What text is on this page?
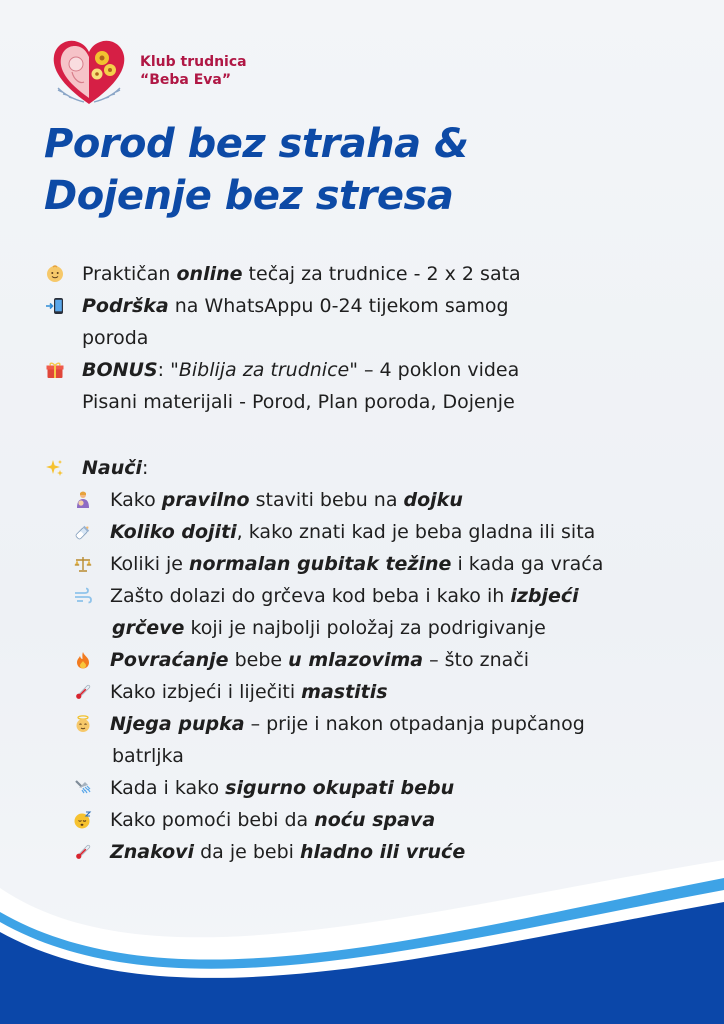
Klub trudnica
“Beba Eva”
Porod bez straha &
Dojenje bez stresa
Praktičan online tečaj za trudnice - 2 x 2 sata
Podrška na WhatsAppu 0-24 tijekom samog
poroda
BONUS: "Biblija za trudnice" – 4 poklon videa
Pisani materijali - Porod, Plan poroda, Dojenje
Nauči:
Kako pravilno staviti bebu na dojku
Koliko dojiti, kako znati kad je beba gladna ili sita
Koliki je normalan gubitak težine i kada ga vraća
Zašto dolazi do grčeva kod beba i kako ih izbjeći
grčeve koji je najbolji položaj za podrigivanje
Povraćanje bebe u mlazovima – što znači
Kako izbjeći i liječiti mastitis
Njega pupka – prije i nakon otpadanja pupčanog
batrljka
Kada i kako sigurno okupati bebu
Kako pomoći bebi da noću spava
Znakovi da je bebi hladno ili vruće
